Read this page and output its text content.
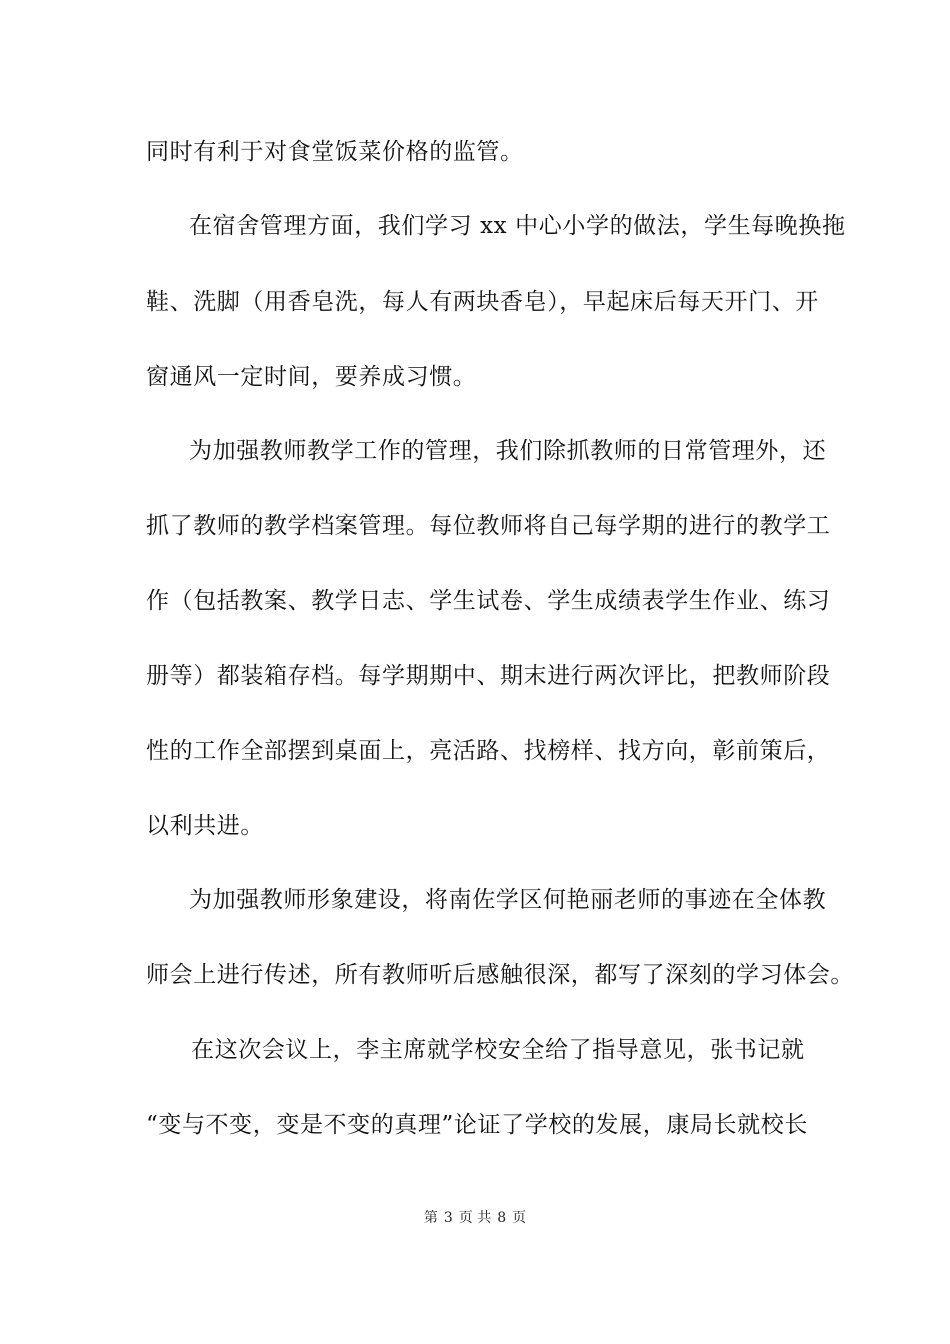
同时有利于对食堂饭菜价格的监管。
在宿舍管理方面，我们学习 xx 中心小学的做法，学生每晚换拖
鞋、洗脚（用香皂洗，每人有两块香皂），早起床后每天开门、开
窗通风一定时间，要养成习惯。
为加强教师教学工作的管理，我们除抓教师的日常管理外，还
抓了教师的教学档案管理。每位教师将自己每学期的进行的教学工
作（包括教案、教学日志、学生试卷、学生成绩表学生作业、练习
册等）都装箱存档。每学期期中、期末进行两次评比，把教师阶段
性的工作全部摆到桌面上，亮活路、找榜样、找方向，彰前策后，
以利共进。
为加强教师形象建设，将南佐学区何艳丽老师的事迹在全体教
师会上进行传述，所有教师听后感触很深，都写了深刻的学习体会。
在这次会议上，李主席就学校安全给了指导意见，张书记就
“变与不变，变是不变的真理”论证了学校的发展，康局长就校长
第 3 页 共 8 页
